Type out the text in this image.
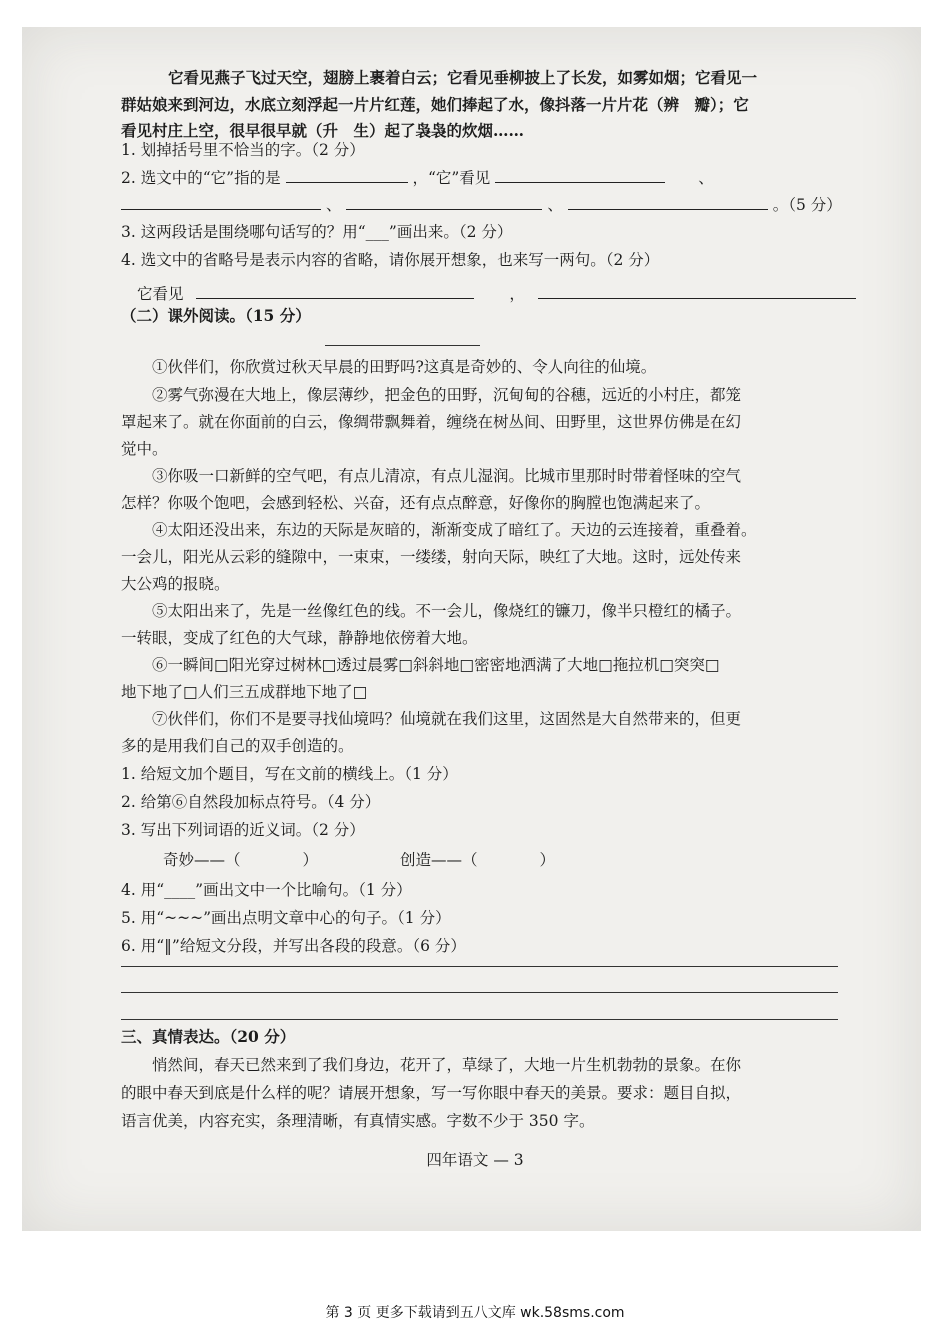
它看见燕子飞过天空，翅膀上裹着白云；它看见垂柳披上了长发，如雾如烟；它看见一
群姑娘来到河边，水底立刻浮起一片片红莲，她们捧起了水，像抖落一片片花（辨　瓣）；它
看见村庄上空，很早很早就（升　生）起了袅袅的炊烟……
1. 划掉括号里不恰当的字。（2 分）
2. 选文中的“它”指的是	，“它”看见	、
、	、	。（5 分）
3. 这两段话是围绕哪句话写的？用“___”画出来。（2 分）
4. 选文中的省略号是表示内容的省略，请你展开想象，也来写一两句。（2 分）
它看见	，
（二）课外阅读。（15 分）
①伙伴们，你欣赏过秋天早晨的田野吗?这真是奇妙的、令人向往的仙境。
②雾气弥漫在大地上，像层薄纱，把金色的田野，沉甸甸的谷穗，远近的小村庄，都笼
罩起来了。就在你面前的白云，像绸带飘舞着，缠绕在树丛间、田野里，这世界仿佛是在幻
觉中。
③你吸一口新鲜的空气吧，有点儿清凉，有点儿湿润。比城市里那时时带着怪味的空气
怎样？你吸个饱吧，会感到轻松、兴奋，还有点点醉意，好像你的胸膛也饱满起来了。
④太阳还没出来，东边的天际是灰暗的，渐渐变成了暗红了。天边的云连接着，重叠着。
一会儿，阳光从云彩的缝隙中，一束束，一缕缕，射向天际，映红了大地。这时，远处传来
大公鸡的报晓。
⑤太阳出来了，先是一丝像红色的线。不一会儿，像烧红的镰刀，像半只橙红的橘子。
一转眼，变成了红色的大气球，静静地依傍着大地。
⑥一瞬间□阳光穿过树林□透过晨雾□斜斜地□密密地洒满了大地□拖拉机□突突□
地下地了□人们三五成群地下地了□
⑦伙伴们，你们不是要寻找仙境吗？仙境就在我们这里，这固然是大自然带来的，但更
多的是用我们自己的双手创造的。
1. 给短文加个题目，写在文前的横线上。（1 分）
2. 给第⑥自然段加标点符号。（4 分）
3. 写出下列词语的近义词。（2 分）
奇妙——（　　　　）	创造——（　　　　）
4. 用“____”画出文中一个比喻句。（1 分）
5. 用“~~~”画出点明文章中心的句子。（1 分）
6. 用“‖”给短文分段，并写出各段的段意。（6 分）
三、真情表达。（20 分）
悄然间，春天已然来到了我们身边，花开了，草绿了，大地一片生机勃勃的景象。在你
的眼中春天到底是什么样的呢？请展开想象，写一写你眼中春天的美景。要求：题目自拟，
语言优美，内容充实，条理清晰，有真情实感。字数不少于 350 字。
四年语文 — 3
第 3 页 更多下载请到五八文库 wk.58sms.com
